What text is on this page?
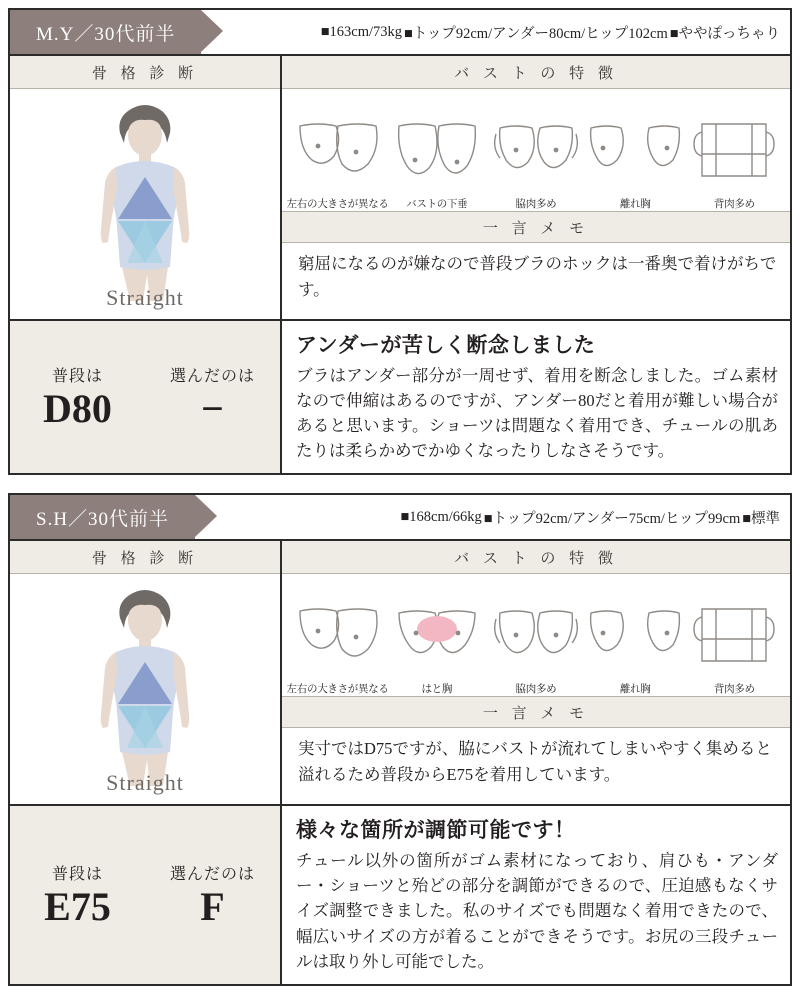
M.Y／30代前半	■163cm/73kg ■トップ92cm/アンダー80cm/ヒップ102cm ■ややぽっちゃり
骨 格 診 断
Straight
バ ス ト の 特 徴
左右の大きさが異なる バストの下垂	脇肉多め	離れ胸	背肉多め
一 言 メ モ
窮屈になるのが嫌なので普段ブラのホックは一番奥で着けがちです。
普段は
D80
選んだのは
−
アンダーが苦しく断念しました
ブラはアンダー部分が一周せず、着用を断念しました。ゴム素材なので伸縮はあるのですが、アンダー80だと着用が難しい場合があると思います。ショーツは問題なく着用でき、チュールの肌あたりは柔らかめでかゆくなったりしなさそうです。
S.H／30代前半	■168cm/66kg ■トップ92cm/アンダー75cm/ヒップ99cm ■標準
骨 格 診 断
Straight
バ ス ト の 特 徴
左右の大きさが異なる	はと胸	脇肉多め	離れ胸	背肉多め
一 言 メ モ
実寸ではD75ですが、脇にバストが流れてしまいやすく集めると溢れるため普段からE75を着用しています。
普段は
E75
選んだのは
F
様々な箇所が調節可能です！
チュール以外の箇所がゴム素材になっており、肩ひも・アンダー・ショーツと殆どの部分を調節ができるので、圧迫感もなくサイズ調整できました。私のサイズでも問題なく着用できたので、幅広いサイズの方が着ることができそうです。お尻の三段チュールは取り外し可能でした。
